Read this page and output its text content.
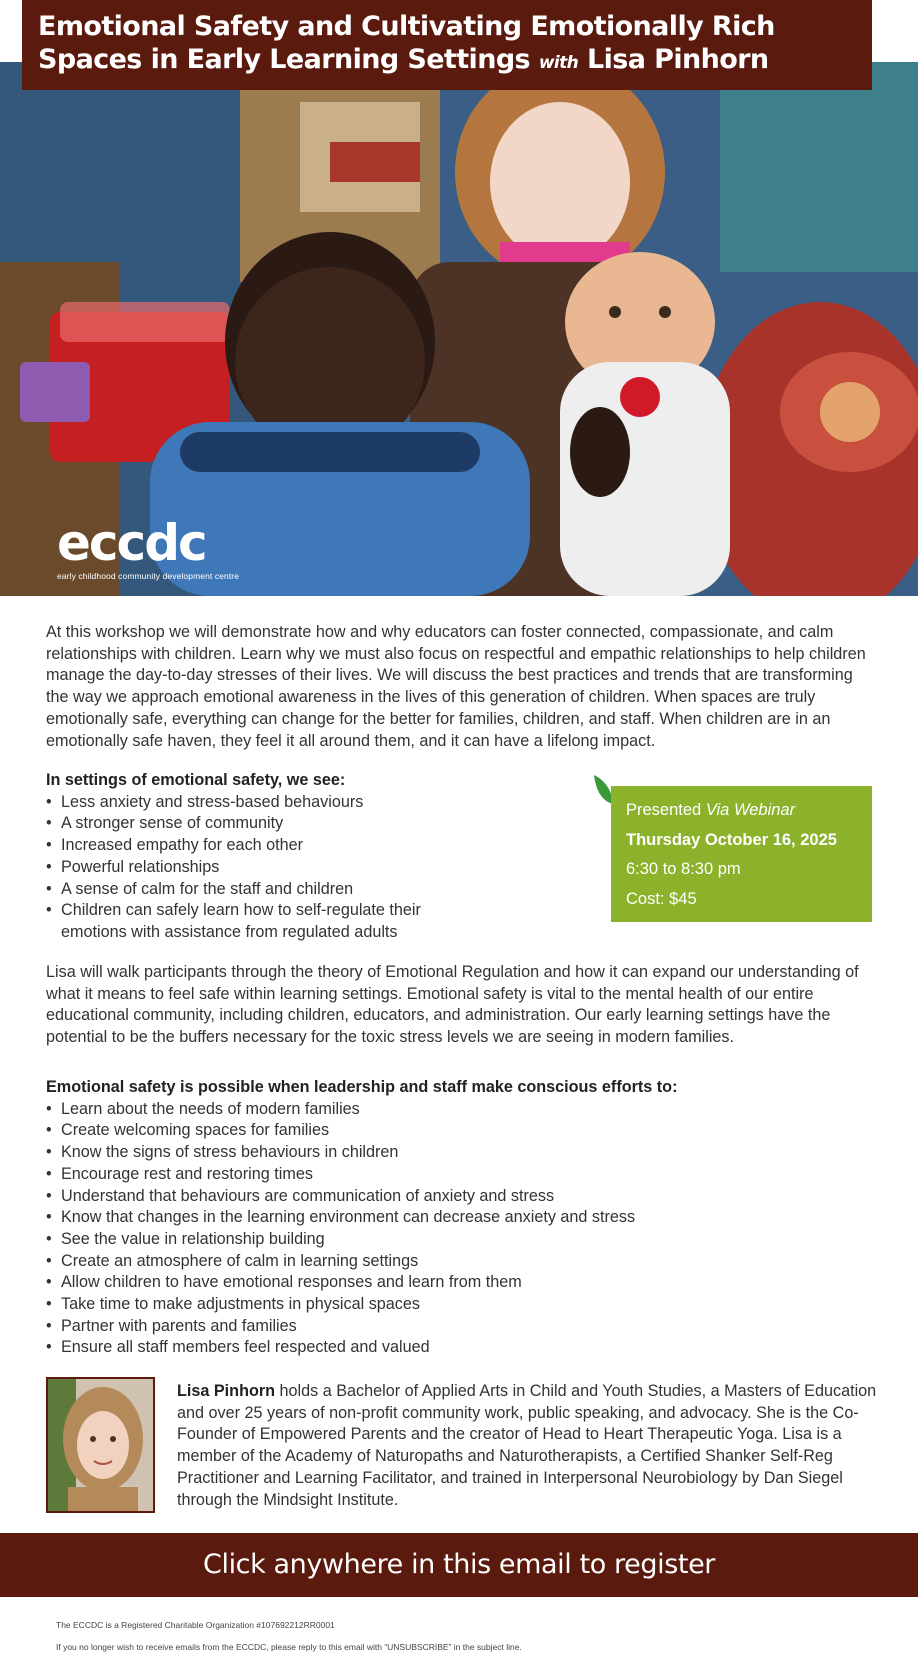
Emotional Safety and Cultivating Emotionally Rich Spaces in Early Learning Settings with Lisa Pinhorn
eccdc
early childhood community development centre

At this workshop we will demonstrate how and why educators can foster connected, compassionate, and calm relationships with children. Learn why we must also focus on respectful and empathic relationships to help children manage the day-to-day stresses of their lives. We will discuss the best practices and trends that are transforming the way we approach emotional awareness in the lives of this generation of children. When spaces are truly emotionally safe, everything can change for the better for families, children, and staff. When children are in an emotionally safe haven, they feel it all around them, and it can have a lifelong impact.

In settings of emotional safety, we see:
• Less anxiety and stress-based behaviours
• A stronger sense of community
• Increased empathy for each other
• Powerful relationships
• A sense of calm for the staff and children
• Children can safely learn how to self-regulate their emotions with assistance from regulated adults
Presented Via Webinar
Thursday October 16, 2025
6:30 to 8:30 pm
Cost: $45

Lisa will walk participants through the theory of Emotional Regulation and how it can expand our understanding of what it means to feel safe within learning settings. Emotional safety is vital to the mental health of our entire educational community, including children, educators, and administration. Our early learning settings have the potential to be the buffers necessary for the toxic stress levels we are seeing in modern families.

Emotional safety is possible when leadership and staff make conscious efforts to:
• Learn about the needs of modern families
• Create welcoming spaces for families
• Know the signs of stress behaviours in children
• Encourage rest and restoring times
• Understand that behaviours are communication of anxiety and stress
• Know that changes in the learning environment can decrease anxiety and stress
• See the value in relationship building
• Create an atmosphere of calm in learning settings
• Allow children to have emotional responses and learn from them
• Take time to make adjustments in physical spaces
• Partner with parents and families
• Ensure all staff members feel respected and valued

Lisa Pinhorn holds a Bachelor of Applied Arts in Child and Youth Studies, a Masters of Education and over 25 years of non-profit community work, public speaking, and advocacy. She is the Co-Founder of Empowered Parents and the creator of Head to Heart Therapeutic Yoga. Lisa is a member of the Academy of Naturopaths and Naturotherapists, a Certified Shanker Self-Reg Practitioner and Learning Facilitator, and trained in Interpersonal Neurobiology by Dan Siegel through the Mindsight Institute.

Click anywhere in this email to register
The ECCDC is a Registered Charitable Organization #107692212RR0001
If you no longer wish to receive emails from the ECCDC, please reply to this email with “UNSUBSCRIBE” in the subject line.
